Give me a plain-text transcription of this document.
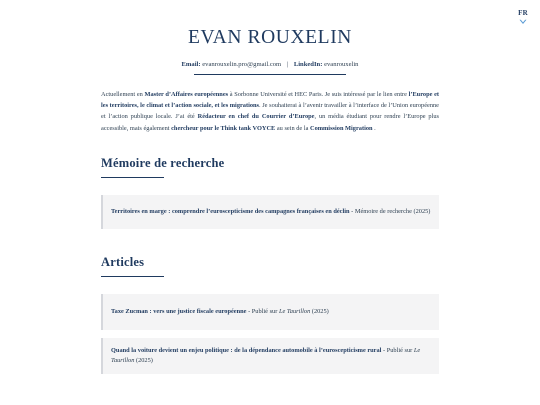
FR
EVAN ROUXELIN
Email: evanrouxelin.pro@gmail.com | LinkedIn: evanrouxelin
Actuellement en Master d’Affaires européennes à Sorbonne Université et HEC Paris. Je suis intéressé par le lien entre l’Europe et les territoires, le climat et l’action sociale, et les migrations. Je souhaiterai à l’avenir travailler à l’interface de l’Union européenne et l’action publique locale. J’ai été Rédacteur en chef du Courrier d’Europe, un média étudiant pour rendre l’Europe plus accessible, mais également chercheur pour le Think tank VOYCE au sein de la Commission Migration .
Mémoire de recherche
Territoires en marge : comprendre l’euroscepticisme des campagnes françaises en déclin - Mémoire de recherche (2025)
Articles
Taxe Zucman : vers une justice fiscale européenne - Publié sur Le Taurillon (2025)
Quand la voiture devient un enjeu politique : de la dépendance automobile à l’euroscepticisme rural - Publié sur Le Taurillon (2025)
